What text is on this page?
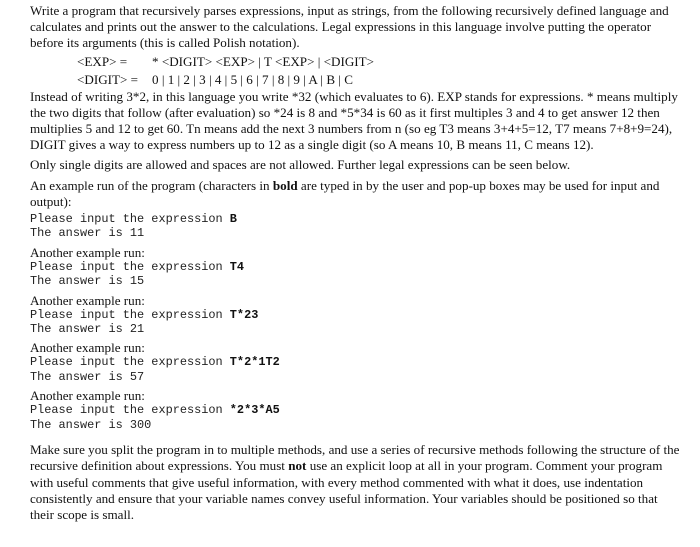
Write a program that recursively parses expressions, input as strings, from the following recursively defined language and calculates and prints out the answer to the calculations. Legal expressions in this language involve putting the operator before its arguments (this is called Polish notation).

<EXP> =	* <DIGIT> <EXP> | T <EXP> | <DIGIT>
<DIGIT> =	0 | 1 | 2 | 3 | 4 | 5 | 6 | 7 | 8 | 9 | A | B | C

Instead of writing 3*2, in this language you write *32 (which evaluates to 6). EXP stands for expressions. * means multiply the two digits that follow (after evaluation) so *24 is 8 and *5*34 is 60 as it first multiples 3 and 4 to get answer 12 then multiplies 5 and 12 to get 60. Tn means add the next 3 numbers from n (so eg T3 means 3+4+5=12, T7 means 7+8+9=24), DIGIT gives a way to express numbers up to 12 as a single digit (so A means 10, B means 11, C means 12).

Only single digits are allowed and spaces are not allowed. Further legal expressions can be seen below.

An example run of the program (characters in bold are typed in by the user and pop-up boxes may be used for input and output):

Please input the expression B
The answer is 11
Another example run:
Please input the expression T4
The answer is 15
Another example run:
Please input the expression T*23
The answer is 21
Another example run:
Please input the expression T*2*1T2
The answer is 57
Another example run:
Please input the expression *2*3*A5
The answer is 300

Make sure you split the program in to multiple methods, and use a series of recursive methods following the structure of the recursive definition about expressions. You must not use an explicit loop at all in your program. Comment your program with useful comments that give useful information, with every method commented with what it does, use indentation consistently and ensure that your variable names convey useful information. Your variables should be positioned so that their scope is small.
